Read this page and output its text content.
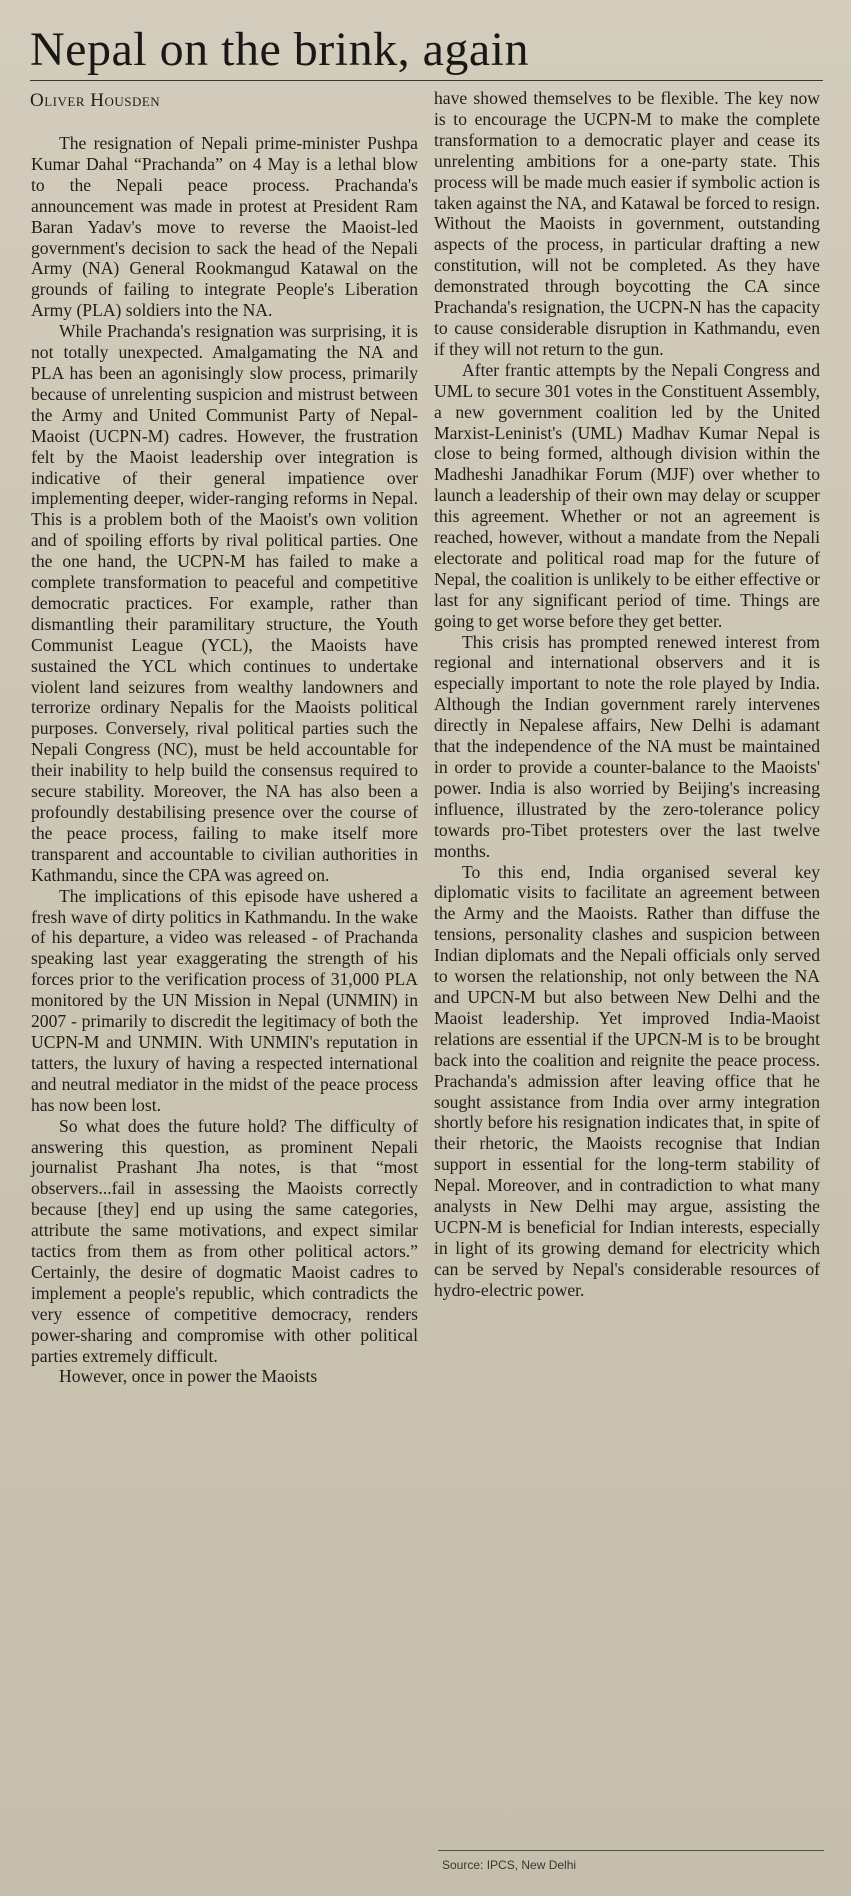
Nepal on the brink, again
Oliver Housden

The resignation of Nepali prime-minister Pushpa Kumar Dahal “Prachanda” on 4 May is a lethal blow to the Nepali peace process. Prachanda's announcement was made in protest at President Ram Baran Yadav's move to reverse the Maoist-led government's decision to sack the head of the Nepali Army (NA) General Rookmangud Katawal on the grounds of failing to integrate People's Liberation Army (PLA) soldiers into the NA.

While Prachanda's resignation was surprising, it is not totally unexpected. Amalgamating the NA and PLA has been an agonisingly slow process, primarily because of unrelenting suspicion and mistrust between the Army and United Communist Party of Nepal-Maoist (UCPN-M) cadres. However, the frustration felt by the Maoist leadership over integration is indicative of their general impatience over implementing deeper, wider-ranging reforms in Nepal. This is a problem both of the Maoist's own volition and of spoiling efforts by rival political parties. One the one hand, the UCPN-M has failed to make a complete transformation to peaceful and competitive democratic practices. For example, rather than dismantling their paramilitary structure, the Youth Communist League (YCL), the Maoists have sustained the YCL which continues to undertake violent land seizures from wealthy landowners and terrorize ordinary Nepalis for the Maoists political purposes. Conversely, rival political parties such the Nepali Congress (NC), must be held accountable for their inability to help build the consensus required to secure stability. Moreover, the NA has also been a profoundly destabilising presence over the course of the peace process, failing to make itself more transparent and accountable to civilian authorities in Kathmandu, since the CPA was agreed on.

The implications of this episode have ushered a fresh wave of dirty politics in Kathmandu. In the wake of his departure, a video was released - of Prachanda speaking last year exaggerating the strength of his forces prior to the verification process of 31,000 PLA monitored by the UN Mission in Nepal (UNMIN) in 2007 - primarily to discredit the legitimacy of both the UCPN-M and UNMIN. With UNMIN's reputation in tatters, the luxury of having a respected international and neutral mediator in the midst of the peace process has now been lost.

So what does the future hold? The difficulty of answering this question, as prominent Nepali journalist Prashant Jha notes, is that “most observers...fail in assessing the Maoists correctly because [they] end up using the same categories, attribute the same motivations, and expect similar tactics from them as from other political actors.” Certainly, the desire of dogmatic Maoist cadres to implement a people's republic, which contradicts the very essence of competitive democracy, renders power-sharing and compromise with other political parties extremely difficult.

However, once in power the Maoists

have showed themselves to be flexible. The key now is to encourage the UCPN-M to make the complete transformation to a democratic player and cease its unrelenting ambitions for a one-party state. This process will be made much easier if symbolic action is taken against the NA, and Katawal be forced to resign. Without the Maoists in government, outstanding aspects of the process, in particular drafting a new constitution, will not be completed. As they have demonstrated through boycotting the CA since Prachanda's resignation, the UCPN-N has the capacity to cause considerable disruption in Kathmandu, even if they will not return to the gun.

After frantic attempts by the Nepali Congress and UML to secure 301 votes in the Constituent Assembly, a new government coalition led by the United Marxist-Leninist's (UML) Madhav Kumar Nepal is close to being formed, although division within the Madheshi Janadhikar Forum (MJF) over whether to launch a leadership of their own may delay or scupper this agreement. Whether or not an agreement is reached, however, without a mandate from the Nepali electorate and political road map for the future of Nepal, the coalition is unlikely to be either effective or last for any significant period of time. Things are going to get worse before they get better.

This crisis has prompted renewed interest from regional and international observers and it is especially important to note the role played by India. Although the Indian government rarely intervenes directly in Nepalese affairs, New Delhi is adamant that the independence of the NA must be maintained in order to provide a counter-balance to the Maoists' power. India is also worried by Beijing's increasing influence, illustrated by the zero-tolerance policy towards pro-Tibet protesters over the last twelve months.

To this end, India organised several key diplomatic visits to facilitate an agreement between the Army and the Maoists. Rather than diffuse the tensions, personality clashes and suspicion between Indian diplomats and the Nepali officials only served to worsen the relationship, not only between the NA and UPCN-M but also between New Delhi and the Maoist leadership. Yet improved India-Maoist relations are essential if the UPCN-M is to be brought back into the coalition and reignite the peace process. Prachanda's admission after leaving office that he sought assistance from India over army integration shortly before his resignation indicates that, in spite of their rhetoric, the Maoists recognise that Indian support in essential for the long-term stability of Nepal. Moreover, and in contradiction to what many analysts in New Delhi may argue, assisting the UCPN-M is beneficial for Indian interests, especially in light of its growing demand for electricity which can be served by Nepal's considerable resources of hydro-electric power.

Source: IPCS, New Delhi
